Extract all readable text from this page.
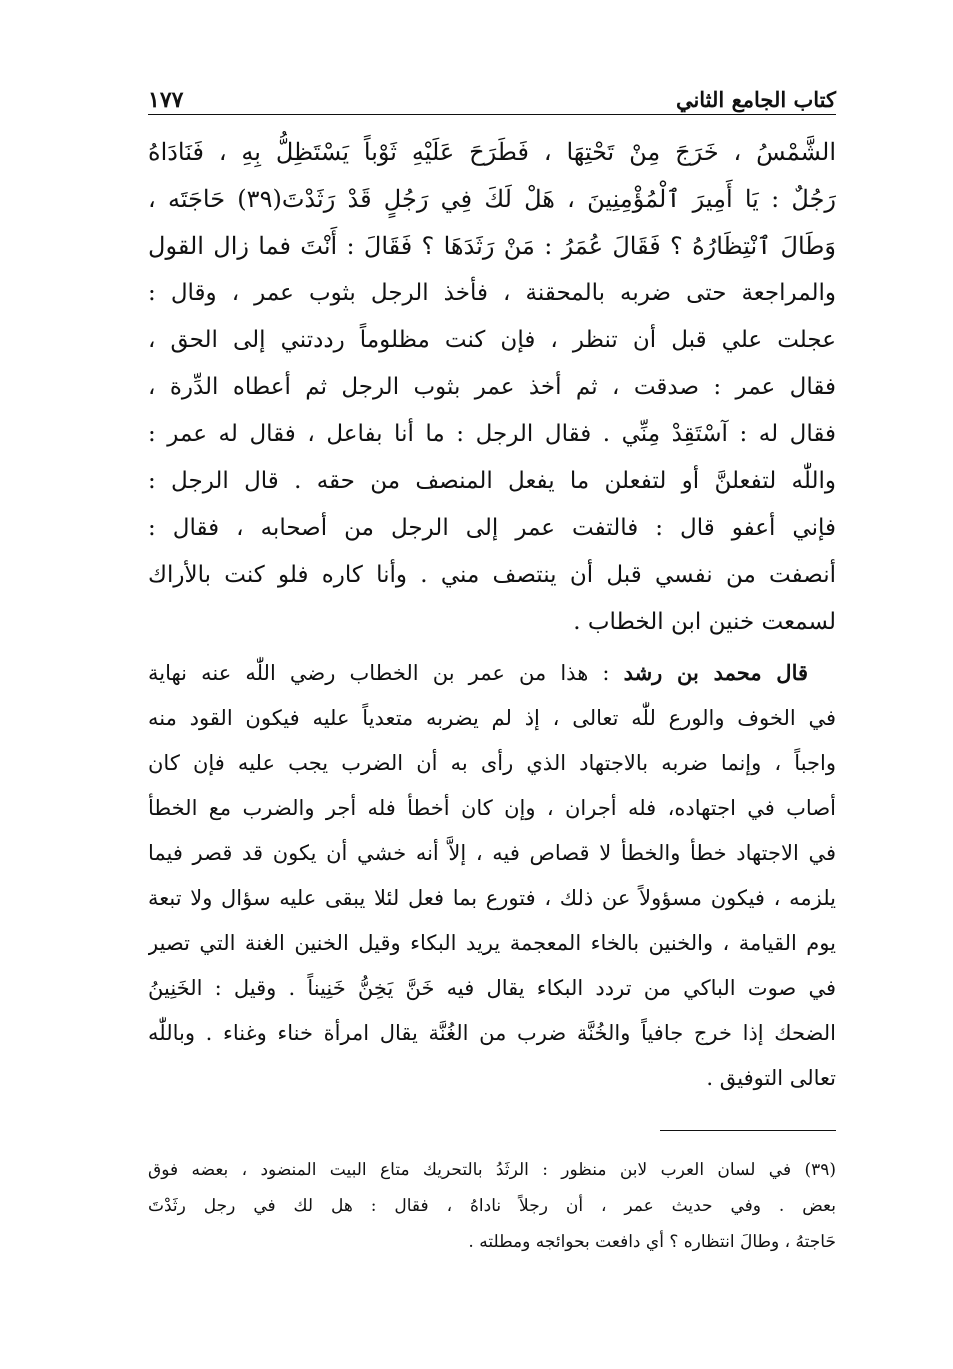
كتاب الجامع الثاني
١٧٧
الشَّمْسُ ، خَرَجَ مِنْ تَحْتِهَا ، فَطَرَحَ عَلَيْهِ ثَوْباً يَسْتَظِلُّ بِهِ ، فَنَادَاهُ
رَجُلٌ : يَا أَمِيرَ ٱلْمُؤْمِنِينَ ، هَلْ لَكَ فِي رَجُلٍ قَدْ رَثَدْتَ(٣٩) حَاجَتَه ،
وَطَالَ ٱنْتِظَارُهُ ؟ فَقَالَ عُمَرُ : مَنْ رَثَدَهَا ؟ فَقَالَ : أَنْتَ فما زال القول
والمراجعة حتى ضربه بالمحقنة ، فأخذ الرجل بثوب عمر ، وقال :
عجلت علي قبل أن تنظر ، فإن كنت مظلوماً رددتني إلى الحق ،
فقال عمر : صدقت ، ثم أخذ عمر بثوب الرجل ثم أعطاه الدِّرة ،
فقال له : آسْتَقِدْ مِنِّي . فقال الرجل : ما أنا بفاعل ، فقال له عمر :
واللّٰه لتفعلنَّ أو لتفعلن ما يفعل المنصف من حقه . قال الرجل :
فإني أعفو قال : فالتفت عمر إلى الرجل من أصحابه ، فقال :
أنصفت من نفسي قبل أن ينتصف مني . وأنا كاره فلو كنت بالأراك
لسمعت خنين ابن الخطاب .
قال محمد بن رشد : هذا من عمر بن الخطاب رضي اللّٰه عنه نهاية
في الخوف والورع للّٰه تعالى ، إذ لم يضربه متعدياً عليه فيكون القود منه
واجباً ، وإنما ضربه بالاجتهاد الذي رأى به أن الضرب يجب عليه فإن كان
أصاب في اجتهاده، فله أجران ، وإن كان أخطأ فله أجر والضرب مع الخطأ
في الاجتهاد خطأ والخطأ لا قصاص فيه ، إلاَّ أنه خشي أن يكون قد قصر فيما
يلزمه ، فيكون مسؤولاً عن ذلك ، فتورع بما فعل لئلا يبقى عليه سؤال ولا تبعة
يوم القيامة ، والخنين بالخاء المعجمة يريد البكاء وقيل الخنين الغنة التي تصير
في صوت الباكي من تردد البكاء يقال فيه خَنَّ يَخِنُّ خَنِيناً . وقيل : الخَنِينُ
الضحك إذا خرج جافياً والخُنَّة ضرب من الغُنَّة يقال امرأة خناء وغناء . وباللّٰه
تعالى التوفيق .
(٣٩) في لسان العرب لابن منظور : الرثَدُ بالتحريك متاع البيت المنضود ، بعضه فوق
بعض . وفي حديث عمر ، أن رجلاً ناداهُ ، فقال : هل لك في رجل رثَدْتَ
حَاجتهُ ، وطالَ انتظاره ؟ أي دافعت بحوائجه ومطلته .
